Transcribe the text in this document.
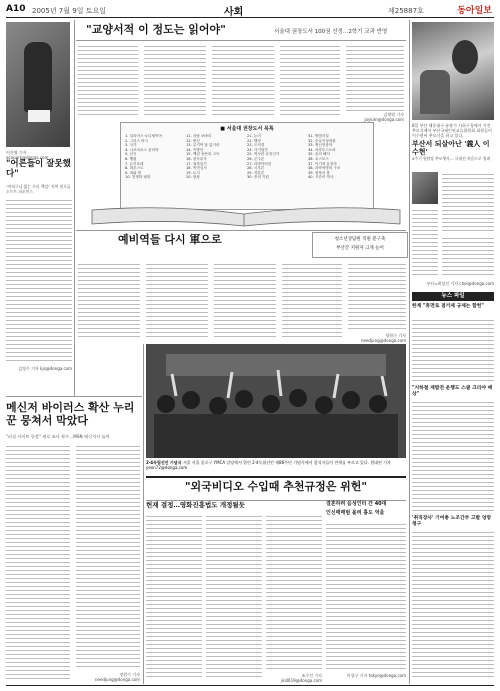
A10 2005년 7월 9일 토요일	사회	제25887호	동아일보
이진영 기자 ecopark@donga.com
"교양서적 이 정도는 읽어야"	서울대 권장도서 100권 선정…2학기 교과 반영
김재영 기자 jaykim@donga.com
■ 서울대 권장도서 목록
1. 일리아스·오디세이아
2. 그리스 비극
3. 국가
4. 니코마코스 윤리학
5. 신곡
6. 햄릿
7. 돈키호테
8. 파우스트
9. 죄와 벌
10. 전쟁과 평화
11. 마담 보바리
12. 변신
13. 무기여 잘 있거라
14. 이방인
15. 백년 동안의 고독
16. 삼국유사
17. 열하일기
18. 목민심서
19. 토지
20. 광장
21. 논어
22. 맹자
23. 도덕경
24. 사기열전
25. 역사란 무엇인가
26. 군주론
27. 리바이어던
28. 국부론
29. 자본론
30. 종의 기원
31. 방법서설
32. 순수이성비판
33. 정신현상학
34. 차라투스트라
35. 꿈의 해석
36. 코스모스
37. 이기적 유전자
38. 과학혁명의 구조
39. 침묵의 봄
40. 시간의 역사
8일 부산 해운대구 유흥가 사하구청에서 가진 추모식에서 부산국제인권교류위원회 회원들이 이수현씨 추모식을 하고 있다.
부산서 되살아난 '義人 이수현'
4주기 원탑장 추모행사… 국내선 처음으로 열려
부산=최성진 기자 choi@donga.com
"어른들이 잘못했다"
"어처구니 없는 우리 책임" 지역 원로들 소프트 퍼포먼스
김정수 기자 kjs@donga.com
청소년상담원 직원 분구축
부산간 지원자 크게 늘어
예비역들 다시 軍으로
정원수 기자 needjung@donga.com
뉴스 파일
한계 "휴면로 점거제 규제는 합헌"
"지하철 재발전 운행도 스쿨 크리야 배상"
'취직장사' 기여총 노조간부 고발 엉망 청구
2·4독립선언 기념식 서울 서울 종로구 YMCA 강당에서 열린 2·4독립선언 제86주년 기념식에서 참석자들이 만세를 부르고 있다. 원대연 기자 yeon72@donga.com
메신저 바이러스 확산 누리꾼 뭉쳐서 막았다
"피싱 사이트 등장" 새로 조사 착수…MSN 메신저서 늘어
정원수 기자 needjung@donga.com
"외국비디오 수입때 추천규정은 위헌"
헌재 결정…영화진흥법도 개정될듯
조수진 기자 jin0619@donga.com
결혼하려 음성인터 간 40대
인신매매범 몰려 흉도 억울
이성구 기자 tokyo@donga.com
